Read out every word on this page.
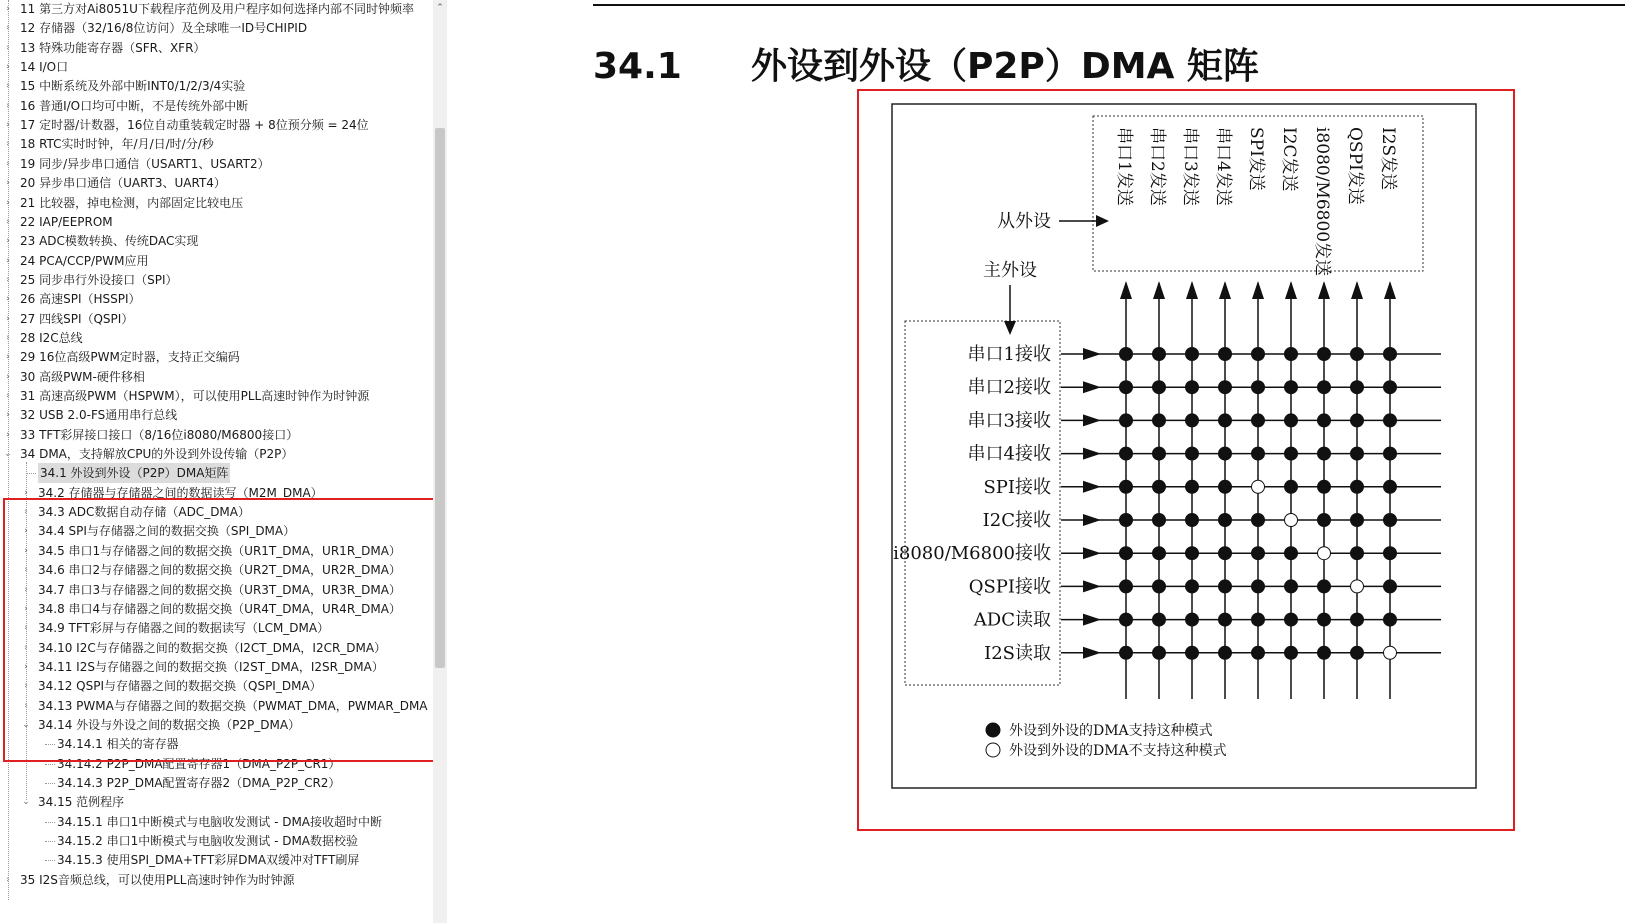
› 11 第三方对Ai8051U下载程序范例及用户程序如何选择内部不同时钟频率
› 12 存储器（32/16/8位访问）及全球唯一ID号CHIPID
› 13 特殊功能寄存器（SFR、XFR）
› 14 I/O口
› 15 中断系统及外部中断INT0/1/2/3/4实验
› 16 普通I/O口均可中断，不是传统外部中断
› 17 定时器/计数器，16位自动重装载定时器 + 8位预分频 = 24位
› 18 RTC实时时钟，年/月/日/时/分/秒
› 19 同步/异步串口通信（USART1、USART2）
› 20 异步串口通信（UART3、UART4）
› 21 比较器，掉电检测，内部固定比较电压
› 22 IAP/EEPROM
› 23 ADC模数转换、传统DAC实现
› 24 PCA/CCP/PWM应用
› 25 同步串行外设接口（SPI）
› 26 高速SPI（HSSPI）
› 27 四线SPI（QSPI）
› 28 I2C总线
› 29 16位高级PWM定时器，支持正交编码
› 30 高级PWM-硬件移相
› 31 高速高级PWM（HSPWM），可以使用PLL高速时钟作为时钟源
› 32 USB 2.0-FS通用串行总线
› 33 TFT彩屏接口接口（8/16位i8080/M6800接口）
⌄ 34 DMA，支持解放CPU的外设到外设传输（P2P）
34.1 外设到外设（P2P）DMA矩阵
› 34.2 存储器与存储器之间的数据读写（M2M_DMA）
› 34.3 ADC数据自动存储（ADC_DMA）
› 34.4 SPI与存储器之间的数据交换（SPI_DMA）
› 34.5 串口1与存储器之间的数据交换（UR1T_DMA，UR1R_DMA）
› 34.6 串口2与存储器之间的数据交换（UR2T_DMA，UR2R_DMA）
› 34.7 串口3与存储器之间的数据交换（UR3T_DMA，UR3R_DMA）
› 34.8 串口4与存储器之间的数据交换（UR4T_DMA，UR4R_DMA）
› 34.9 TFT彩屏与存储器之间的数据读写（LCM_DMA）
› 34.10 I2C与存储器之间的数据交换（I2CT_DMA，I2CR_DMA）
› 34.11 I2S与存储器之间的数据交换（I2ST_DMA，I2SR_DMA）
› 34.12 QSPI与存储器之间的数据交换（QSPI_DMA）
› 34.13 PWMA与存储器之间的数据交换（PWMAT_DMA，PWMAR_DMA
⌄ 34.14 外设与外设之间的数据交换（P2P_DMA）
34.14.1 相关的寄存器
34.14.2 P2P_DMA配置寄存器1（DMA_P2P_CR1）
34.14.3 P2P_DMA配置寄存器2（DMA_P2P_CR2）
⌄ 34.15 范例程序
34.15.1 串口1中断模式与电脑收发测试 - DMA接收超时中断
34.15.2 串口1中断模式与电脑收发测试 - DMA数据校验
34.15.3 使用SPI_DMA+TFT彩屏DMA双缓冲对TFT刷屏
› 35 I2S音频总线，可以使用PLL高速时钟作为时钟源
⌃
34.1 外设到外设（P2P）DMA 矩阵
串口1发送 串口2发送 串口3发送 串口4发送 SPI发送 I2C发送 i8080/M6800发送 QSPI发送 I2S发送
从外设
主外设
串口1接收
串口2接收
串口3接收
串口4接收
SPI接收
I2C接收
i8080/M6800接收
QSPI接收
ADC读取
I2S读取
外设到外设的DMA支持这种模式
外设到外设的DMA不支持这种模式
